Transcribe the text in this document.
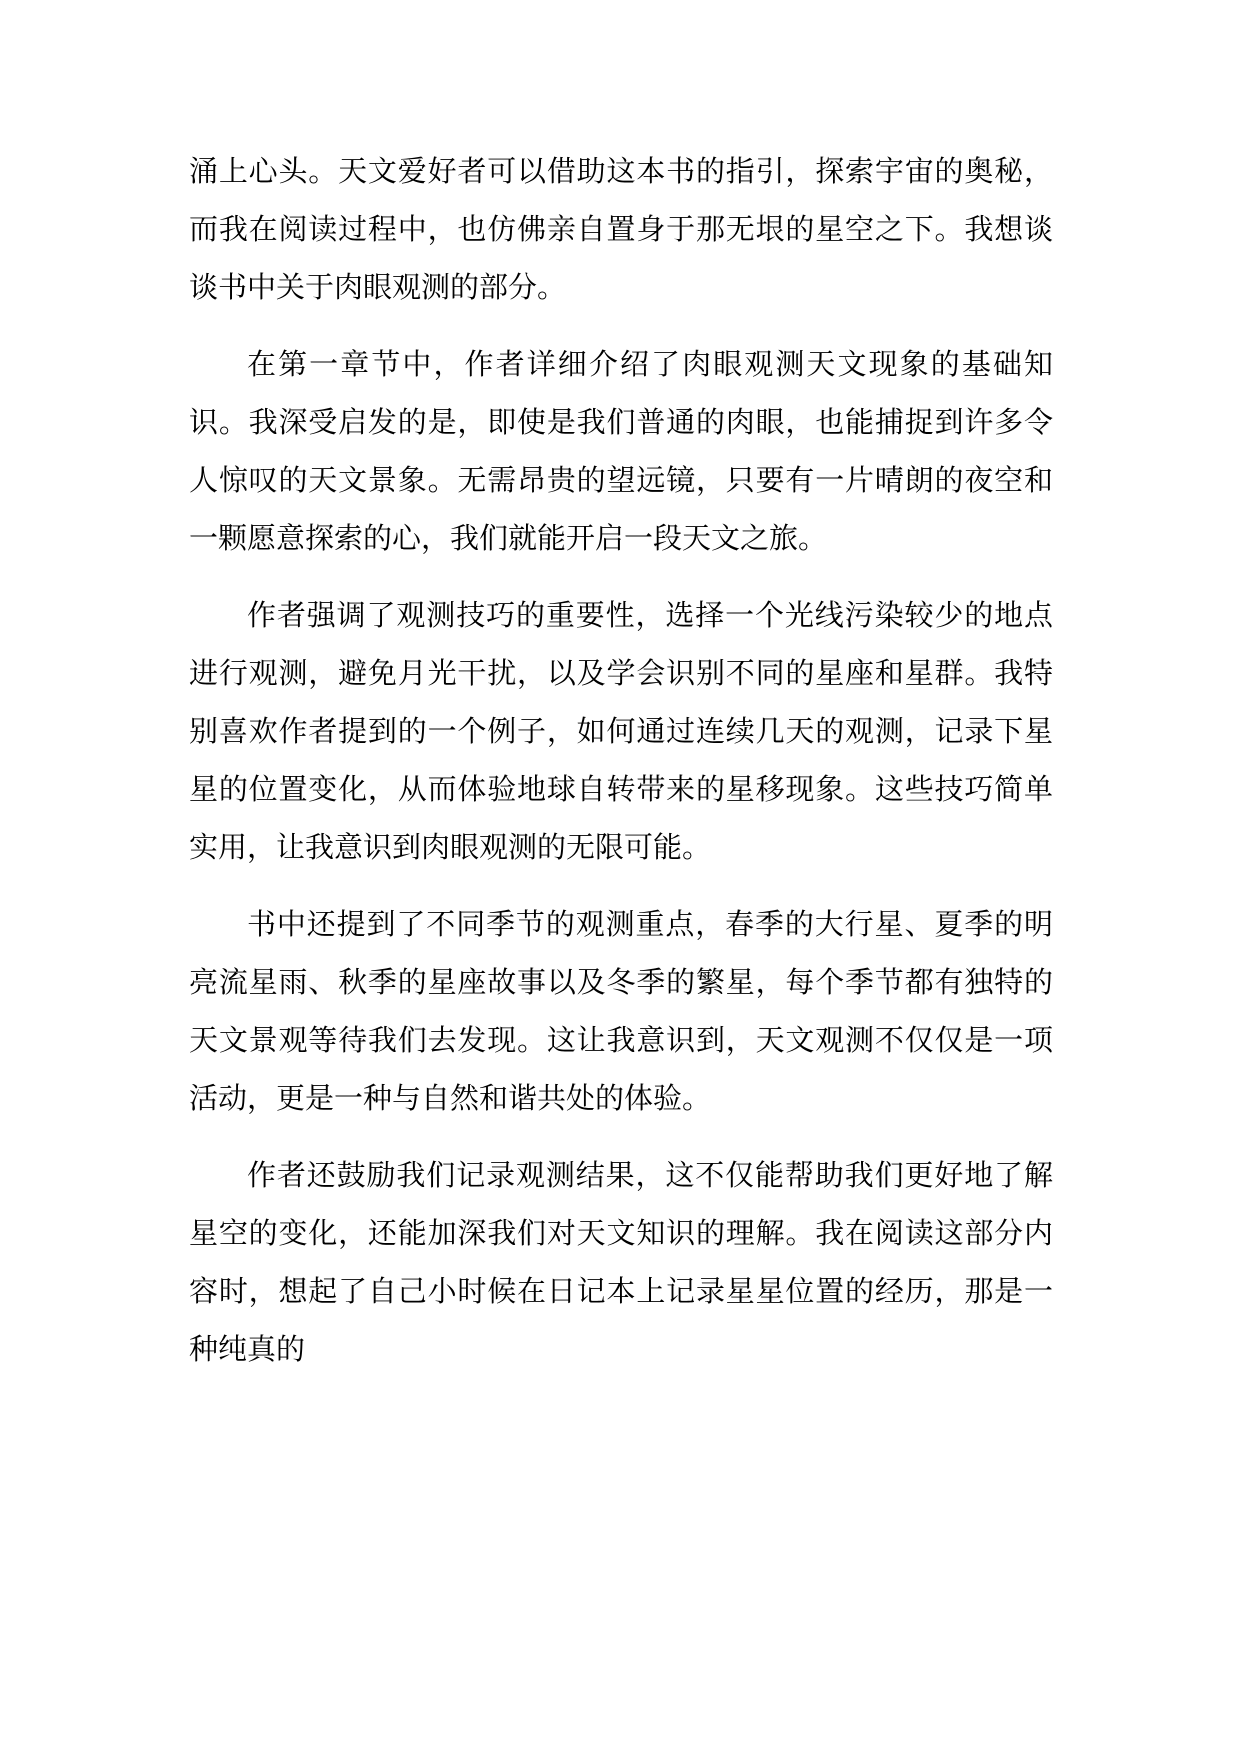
涌上心头。天文爱好者可以借助这本书的指引，探索宇宙的奥秘，而我在阅读过程中，也仿佛亲自置身于那无垠的星空之下。我想谈谈书中关于肉眼观测的部分。

在第一章节中，作者详细介绍了肉眼观测天文现象的基础知识。我深受启发的是，即使是我们普通的肉眼，也能捕捉到许多令人惊叹的天文景象。无需昂贵的望远镜，只要有一片晴朗的夜空和一颗愿意探索的心，我们就能开启一段天文之旅。

作者强调了观测技巧的重要性，选择一个光线污染较少的地点进行观测，避免月光干扰，以及学会识别不同的星座和星群。我特别喜欢作者提到的一个例子，如何通过连续几天的观测，记录下星星的位置变化，从而体验地球自转带来的星移现象。这些技巧简单实用，让我意识到肉眼观测的无限可能。

书中还提到了不同季节的观测重点，春季的大行星、夏季的明亮流星雨、秋季的星座故事以及冬季的繁星，每个季节都有独特的天文景观等待我们去发现。这让我意识到，天文观测不仅仅是一项活动，更是一种与自然和谐共处的体验。

作者还鼓励我们记录观测结果，这不仅能帮助我们更好地了解星空的变化，还能加深我们对天文知识的理解。我在阅读这部分内容时，想起了自己小时候在日记本上记录星星位置的经历，那是一种纯真的
